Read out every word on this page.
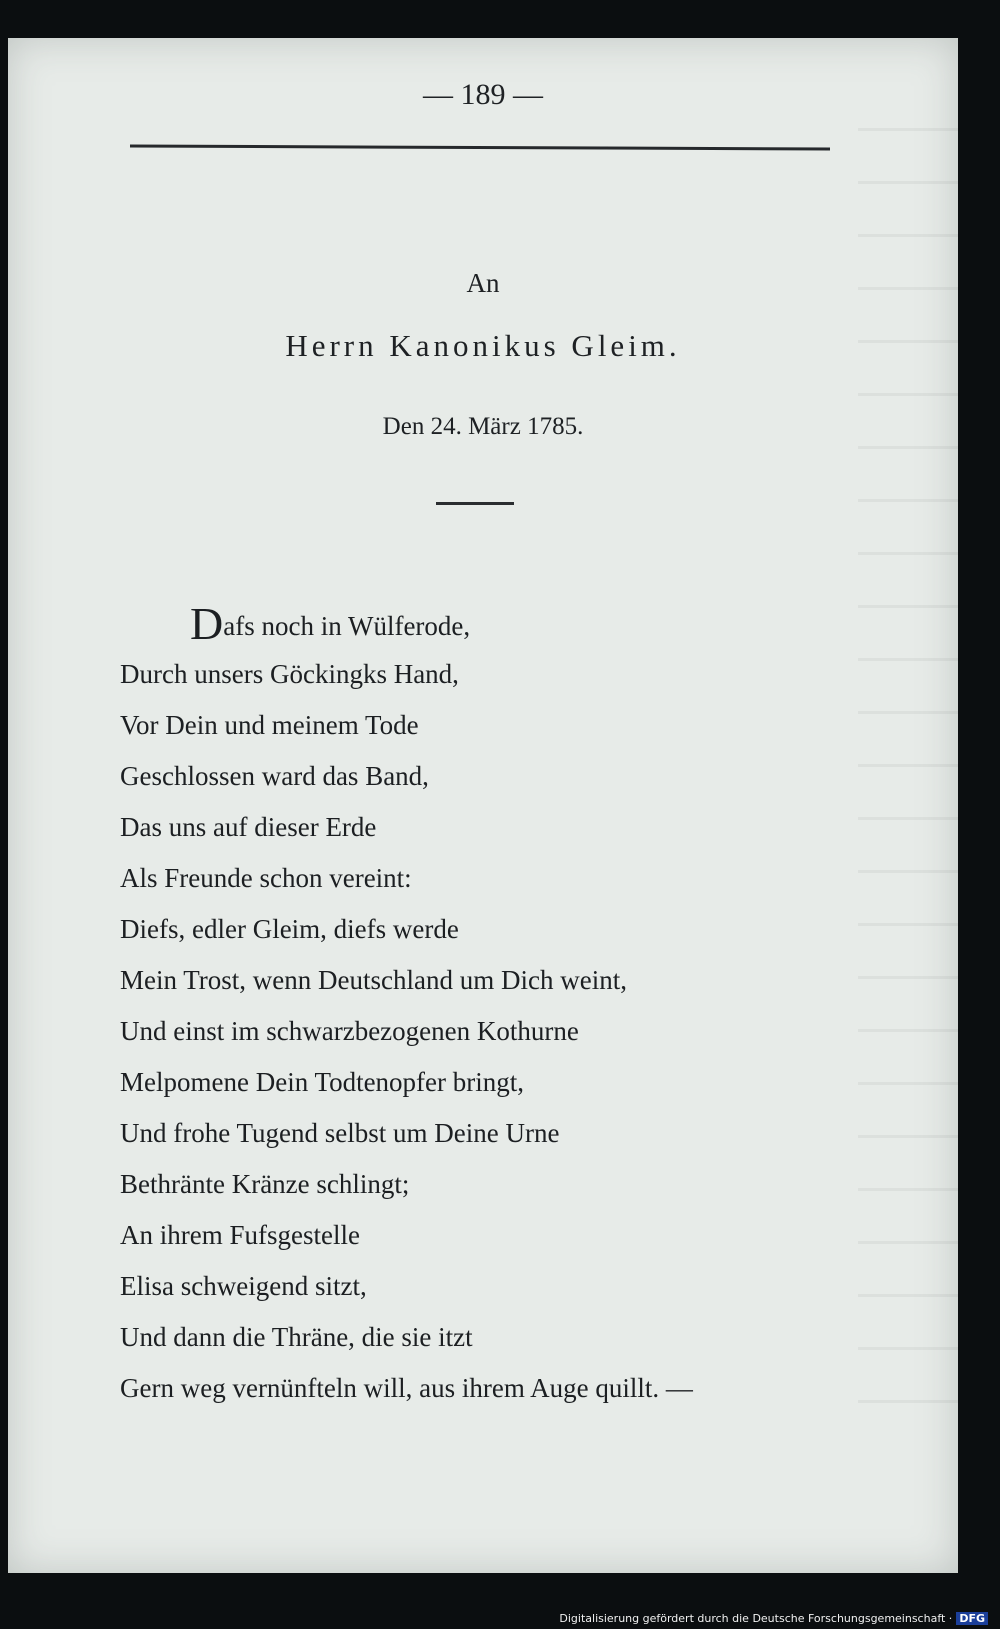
— 189 —
An
Herrn Kanonikus Gleim.
Den 24. März 1785.
Dafs noch in Wülferode,
Durch unsers Göckingks Hand,
Vor Dein und meinem Tode
Geschlossen ward das Band,
Das uns auf dieser Erde
Als Freunde schon vereint:
Diefs, edler Gleim, diefs werde
Mein Trost, wenn Deutschland um Dich weint,
Und einst im schwarzbezogenen Kothurne
Melpomene Dein Todtenopfer bringt,
Und frohe Tugend selbst um Deine Urne
Bethränte Kränze schlingt;
An ihrem Fufsgestelle
Elisa schweigend sitzt,
Und dann die Thräne, die sie itzt
Gern weg vernünfteln will, aus ihrem Auge quillt. —
Digitalisierung gefördert durch die Deutsche Forschungsgemeinschaft · DFG
